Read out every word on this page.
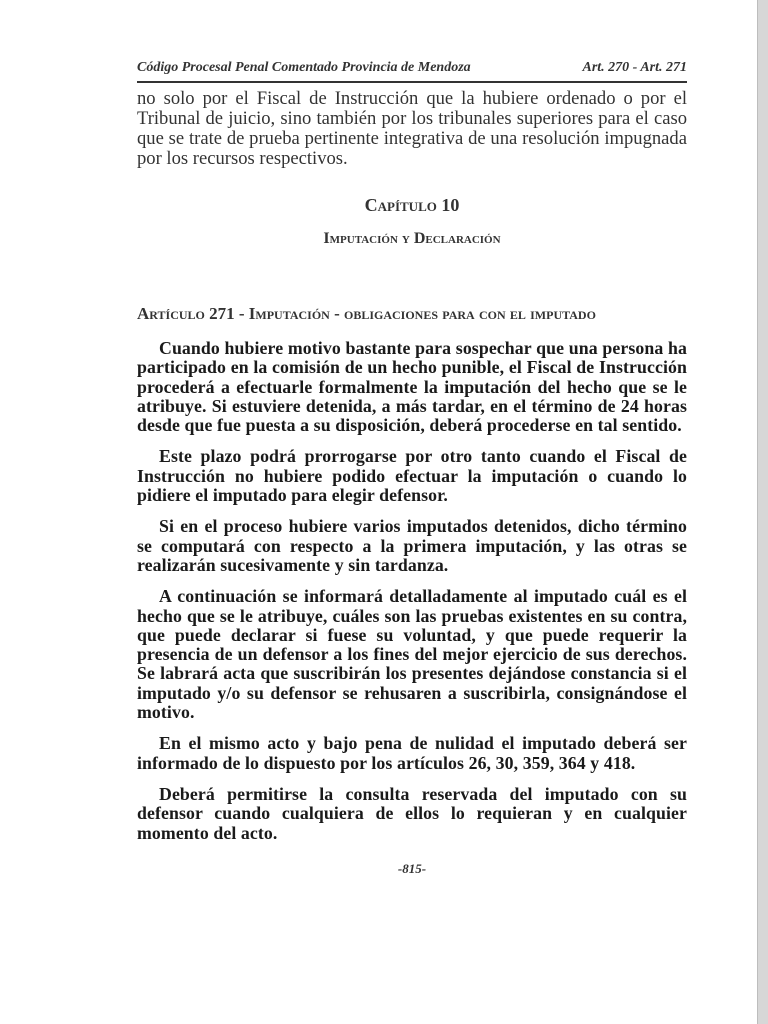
Código Procesal Penal Comentado Provincia de Mendoza	Art. 270 - Art. 271

no solo por el Fiscal de Instrucción que la hubiere ordenado o por el Tribunal de juicio, sino también por los tribunales superiores para el caso que se trate de prueba pertinente integrativa de una resolución impugnada por los recursos respectivos.

Capítulo 10
Imputación y Declaración
Artículo 271 - Imputación - obligaciones para con el imputado

Cuando hubiere motivo bastante para sospechar que una persona ha participado en la comisión de un hecho punible, el Fiscal de Instrucción procederá a efectuarle formalmente la imputación del hecho que se le atribuye. Si estuviere detenida, a más tardar, en el término de 24 horas desde que fue puesta a su disposición, deberá procederse en tal sentido.

Este plazo podrá prorrogarse por otro tanto cuando el Fiscal de Instrucción no hubiere podido efectuar la imputación o cuando lo pidiere el imputado para elegir defensor.

Si en el proceso hubiere varios imputados detenidos, dicho término se computará con respecto a la primera imputación, y las otras se realizarán sucesivamente y sin tardanza.

A continuación se informará detalladamente al imputado cuál es el hecho que se le atribuye, cuáles son las pruebas existentes en su contra, que puede declarar si fuese su voluntad, y que puede requerir la presencia de un defensor a los fines del mejor ejercicio de sus derechos. Se labrará acta que suscribirán los presentes dejándose constancia si el imputado y/o su defensor se rehusaren a suscribirla, consignándose el motivo.

En el mismo acto y bajo pena de nulidad el imputado deberá ser informado de lo dispuesto por los artículos 26, 30, 359, 364 y 418.

Deberá permitirse la consulta reservada del imputado con su defensor cuando cualquiera de ellos lo requieran y en cualquier momento del acto.

-815-
